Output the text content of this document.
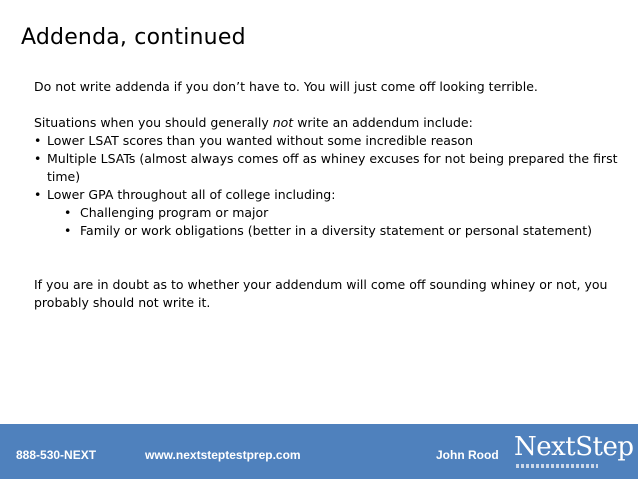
Addenda, continued

Do not write addenda if you don’t have to. You will just come off looking terrible.

Situations when you should generally not write an addendum include:

• Lower LSAT scores than you wanted without some incredible reason
• Multiple LSATs (almost always comes off as whiney excuses for not being prepared the first time)
• Lower GPA throughout all of college including:
• Challenging program or major
• Family or work obligations (better in a diversity statement or personal statement)

If you are in doubt as to whether your addendum will come off sounding whiney or not, you probably should not write it.

888-530-NEXT	www.nextsteptestprep.com	John Rood NextStep
